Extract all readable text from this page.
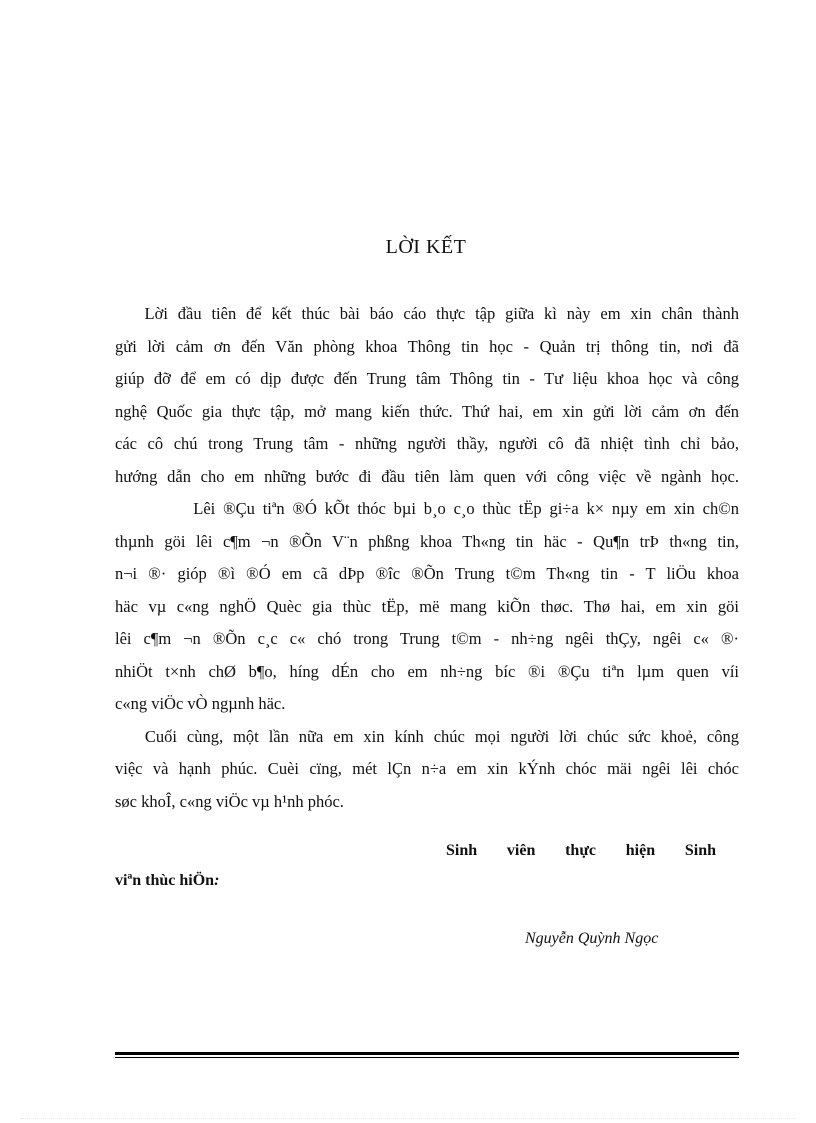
LỜI KẾT
Lời đầu tiên để kết thúc bài báo cáo thực tập giữa kì này em xin chân thành
gửi lời cảm ơn đến Văn phòng khoa Thông tin học - Quản trị thông tin, nơi đã
giúp đỡ để em có dịp được đến Trung tâm Thông tin - Tư liệu khoa học và công
nghệ Quốc gia thực tập, mở mang kiến thức. Thứ hai, em xin gửi lời cảm ơn đến
các cô chú trong Trung tâm - những người thầy, người cô đã nhiệt tình chỉ bảo,
hướng dẫn cho em những bước đi đầu tiên làm quen với công việc về ngành học.
Lêi ®Çu tiªn ®Ó kÕt thóc bµi b¸o c¸o thùc tËp gi÷a k× nµy em xin ch©n
thµnh göi lêi c¶m ¬n ®Õn V¨n phßng khoa Th«ng tin häc - Qu¶n trÞ th«ng tin,
n¬i ®· gióp ®ì ®Ó em cã dÞp ®îc ®Õn Trung t©m Th«ng tin - T liÖu khoa
häc vµ c«ng nghÖ Quèc gia thùc tËp, më mang kiÕn thøc. Thø hai, em xin göi
lêi c¶m ¬n ®Õn c¸c c« chó trong Trung t©m - nh÷ng ngêi thÇy, ngêi c« ®·
nhiÖt t×nh chØ b¶o, híng dÉn cho em nh÷ng bíc ®i ®Çu tiªn lµm quen víi
c«ng viÖc vÒ ngµnh häc.
Cuối cùng, một lần nữa em xin kính chúc mọi người lời chúc sức khoẻ, công
việc và hạnh phúc. Cuèi cïng, mét lÇn n÷a em xin kÝnh chóc mäi ngêi lêi chóc
søc khoÎ, c«ng viÖc vµ h¹nh phóc.
Sinh viên thực hiện Sinh
viªn thùc hiÖn:
Nguyễn Quỳnh Ngọc
